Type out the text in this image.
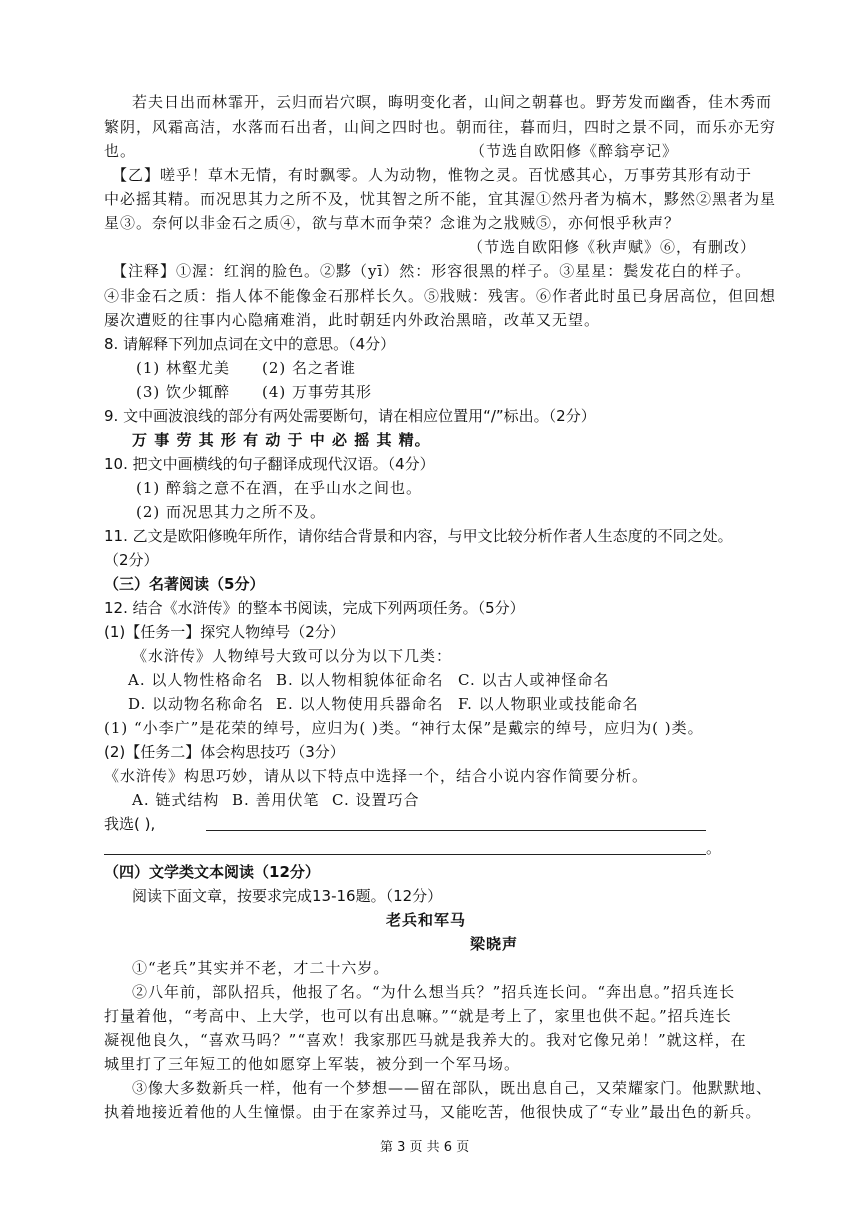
若夫日出而林霏开，云归而岩穴暝，晦明变化者，山间之朝暮也。野芳发而幽香，佳木秀而
繁阴，风霜高洁，水落而石出者，山间之四时也。朝而往，暮而归，四时之景不同，而乐亦无穷
也。	（节选自欧阳修《醉翁亭记》
【乙】嗟乎！草木无情，有时飘零。人为动物，惟物之灵。百忧感其心，万事劳其形有动于
中必摇其精。而况思其力之所不及，忧其智之所不能，宜其渥①然丹者为槁木，黟然②黑者为星
星③。奈何以非金石之质④，欲与草木而争荣？念谁为之戕贼⑤，亦何恨乎秋声？
（节选自欧阳修《秋声赋》⑥，有删改）
【注释】①渥：红润的脸色。②黟（yī）然：形容很黑的样子。③星星：鬓发花白的样子。
④非金石之质：指人体不能像金石那样长久。⑤戕贼：残害。⑥作者此时虽已身居高位，但回想
屡次遭贬的往事内心隐痛难消，此时朝廷内外政治黑暗，改革又无望。
8. 请解释下列加点词在文中的意思。（4分）
(1) 林壑尤美 (2) 名之者谁
(3) 饮少辄醉 (4) 万事劳其形
9. 文中画波浪线的部分有两处需要断句，请在相应位置用“/”标出。（2分）
万 事 劳 其 形 有 动 于 中 必 摇 其 精。
10. 把文中画横线的句子翻译成现代汉语。（4分）
(1) 醉翁之意不在酒，在乎山水之间也。
(2) 而况思其力之所不及。
11. 乙文是欧阳修晚年所作，请你结合背景和内容，与甲文比较分析作者人生态度的不同之处。
（2分）
（三）名著阅读（5分）
12. 结合《水浒传》的整本书阅读，完成下列两项任务。（5分）
(1)【任务一】探究人物绰号（2分）
《水浒传》人物绰号大致可以分为以下几类：
A. 以人物性格命名 B. 以人物相貌体征命名 C. 以古人或神怪命名
D. 以动物名称命名 E. 以人物使用兵器命名 F. 以人物职业或技能命名
(1) “小李广”是花荣的绰号，应归为( )类。“神行太保”是戴宗的绰号，应归为( )类。
(2)【任务二】体会构思技巧（3分）
《水浒传》构思巧妙，请从以下特点中选择一个，结合小说内容作简要分析。
A. 链式结构 B. 善用伏笔 C. 设置巧合
我选( ),
。
（四）文学类文本阅读（12分）
阅读下面文章，按要求完成13-16题。（12分）
老兵和军马
梁晓声
①“老兵”其实并不老，才二十六岁。
②八年前，部队招兵，他报了名。“为什么想当兵？”招兵连长问。“奔出息。”招兵连长
打量着他，“考高中、上大学，也可以有出息嘛。”“就是考上了，家里也供不起。”招兵连长
凝视他良久，“喜欢马吗？”“喜欢！我家那匹马就是我养大的。我对它像兄弟！”就这样，在
城里打了三年短工的他如愿穿上军装，被分到一个军马场。
③像大多数新兵一样，他有一个梦想——留在部队，既出息自己，又荣耀家门。他默默地、
执着地接近着他的人生憧憬。由于在家养过马，又能吃苦，他很快成了“专业”最出色的新兵。
第 3 页 共 6 页
